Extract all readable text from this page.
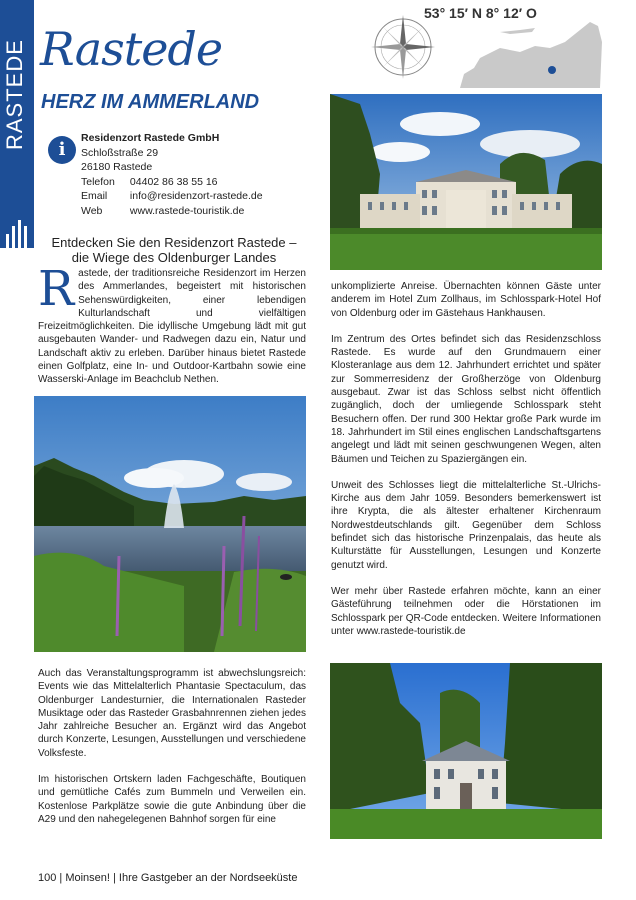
RASTEDE Rastede
HERZ IM AMMERLAND
53° 15′ N 8° 12′ O
i
Residenzort Rastede GmbH
Schloßstraße 29
26180 Rastede
Telefon 04402 86 38 55 16
Email info@residenzort-rastede.de
Web	www.rastede-touristik.de
Entdecken Sie den Residenzort Rastede –
die Wiege des Oldenburger Landes
R astede, der traditionsreiche Residenzort im Herzen des Ammerlandes, begeistert mit historischen Sehenswürdigkeiten, einer lebendigen Kulturlandschaft und vielfältigen Freizeitmöglichkeiten. Die idyllische Umgebung lädt mit gut ausgebauten Wander- und Radwegen dazu ein, Natur und Landschaft aktiv zu erleben. Darüber hinaus bietet Rastede einen Golfplatz, eine In- und Outdoor-Kartbahn sowie eine Wasserski-Anlage im Beachclub Nethen.

Auch das Veranstaltungsprogramm ist abwechslungsreich: Events wie das Mittelalterlich Phantasie Spectaculum, das Oldenburger Landesturnier, die Internationalen Rasteder Musiktage oder das Rasteder Grasbahnrennen ziehen jedes Jahr zahlreiche Besucher an. Ergänzt wird das Angebot durch Konzerte, Lesungen, Ausstellungen und verschiedene Volksfeste.

Im historischen Ortskern laden Fachgeschäfte, Boutiquen und gemütliche Cafés zum Bummeln und Verweilen ein. Kostenlose Parkplätze sowie die gute Anbindung über die A29 und den nahegelegenen Bahnhof sorgen für eine

unkomplizierte Anreise. Übernachten können Gäste unter anderem im Hotel Zum Zollhaus, im Schlosspark-Hotel Hof von Oldenburg oder im Gästehaus Hankhausen.

Im Zentrum des Ortes befindet sich das Residenzschloss Rastede. Es wurde auf den Grundmauern einer Klosteranlage aus dem 12. Jahrhundert errichtet und später zur Sommerresidenz der Großherzöge von Oldenburg ausgebaut. Zwar ist das Schloss selbst nicht öffentlich zugänglich, doch der umliegende Schlosspark steht Besuchern offen. Der rund 300 Hektar große Park wurde im 18. Jahrhundert im Stil eines englischen Landschaftsgartens angelegt und lädt mit seinen geschwungenen Wegen, alten Bäumen und Teichen zu Spaziergängen ein.

Unweit des Schlosses liegt die mittelalterliche St.-Ulrichs-Kirche aus dem Jahr 1059. Besonders bemerkenswert ist ihre Krypta, die als ältester erhaltener Kirchenraum Nordwestdeutschlands gilt. Gegenüber dem Schloss befindet sich das historische Prinzenpalais, das heute als Kulturstätte für Ausstellungen, Lesungen und Konzerte genutzt wird.

Wer mehr über Rastede erfahren möchte, kann an einer Gästeführung teilnehmen oder die Hörstationen im Schlosspark per QR-Code entdecken. Weitere Informationen unter www.rastede-touristik.de

100 | Moinsen! | Ihre Gastgeber an der Nordseeküste
